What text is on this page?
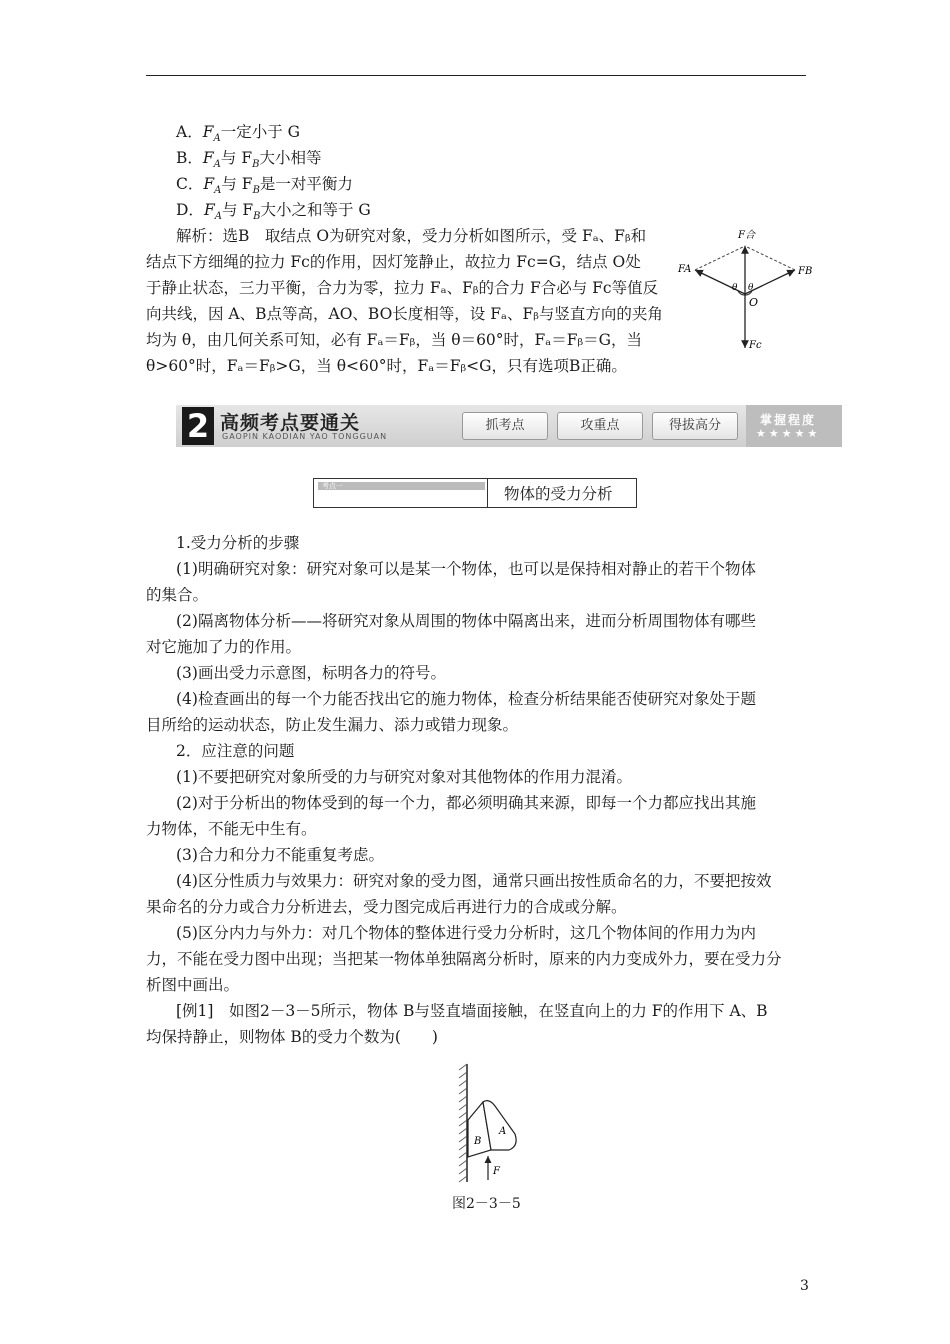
A．$F_A$一定小于 G
B．$F_A$与 $F_B$大小相等
C．$F_A$与 $F_B$是一对平衡力
D．$F_A$与 $F_B$大小之和等于 G
解析：选B　取结点 O为研究对象，受力分析如图所示，受 Fₐ、Fᵦ和
结点下方细绳的拉力 Fc的作用，因灯笼静止，故拉力 Fc=G，结点 O处
于静止状态，三力平衡，合力为零，拉力 Fₐ、Fᵦ的合力 F合必与 Fc等值反
向共线，因 A、B点等高，AO、BO长度相等，设 Fₐ、Fᵦ与竖直方向的夹角
均为 θ，由几何关系可知，必有 Fₐ＝Fᵦ，当 θ＝60°时，Fₐ＝Fᵦ＝G，当
θ>60°时，Fₐ＝Fᵦ>G，当 θ<60°时，Fₐ＝Fᵦ<G，只有选项B正确。
F合
FA	FB
Fc
O
θ θ
2 高频考点要通关
GAOPIN KAODIAN YAO TONGGUAN
抓考点	攻重点	得拔高分	掌握程度
★★★★★
考点一	物体的受力分析
1.受力分析的步骤
(1)明确研究对象：研究对象可以是某一个物体，也可以是保持相对静止的若干个物体
的集合。
(2)隔离物体分析——将研究对象从周围的物体中隔离出来，进而分析周围物体有哪些
对它施加了力的作用。
(3)画出受力示意图，标明各力的符号。
(4)检查画出的每一个力能否找出它的施力物体，检查分析结果能否使研究对象处于题
目所给的运动状态，防止发生漏力、添力或错力现象。
2．应注意的问题
(1)不要把研究对象所受的力与研究对象对其他物体的作用力混淆。
(2)对于分析出的物体受到的每一个力，都必须明确其来源，即每一个力都应找出其施
力物体，不能无中生有。
(3)合力和分力不能重复考虑。
(4)区分性质力与效果力：研究对象的受力图，通常只画出按性质命名的力，不要把按效
果命名的分力或合力分析进去，受力图完成后再进行力的合成或分解。
(5)区分内力与外力：对几个物体的整体进行受力分析时，这几个物体间的作用力为内
力，不能在受力图中出现；当把某一物体单独隔离分析时，原来的内力变成外力，要在受力分
析图中画出。
[例1]　如图2－3－5所示，物体 B与竖直墙面接触，在竖直向上的力 F的作用下 A、B
均保持静止，则物体 B的受力个数为(　　)
A
B
F
图2－3－5
3
